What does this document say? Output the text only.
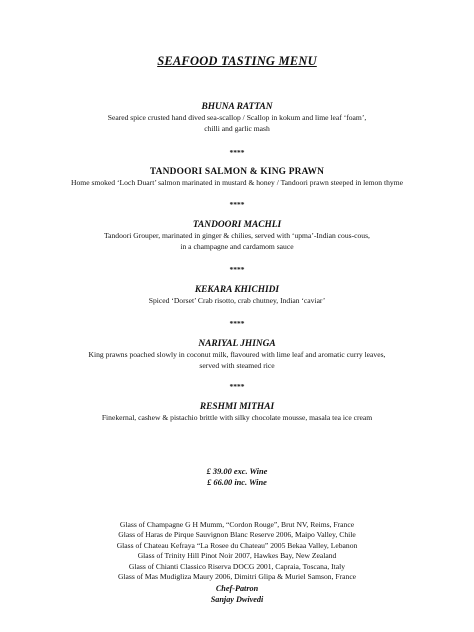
SEAFOOD TASTING MENU
BHUNA RATTAN
Seared spice crusted hand dived sea-scallop / Scallop in kokum and lime leaf ‘foam’,
chilli and garlic mash
****
TANDOORI SALMON & KING PRAWN
Home smoked ‘Loch Duart’ salmon marinated in mustard & honey / Tandoori prawn steeped in lemon thyme
****
TANDOORI MACHLI
Tandoori Grouper, marinated in ginger & chilies, served with ‘upma’-Indian cous-cous,
in a champagne and cardamom sauce
****
KEKARA KHICHIDI
Spiced ‘Dorset’ Crab risotto, crab chutney, Indian ‘caviar’
****
NARIYAL JHINGA
King prawns poached slowly in coconut milk, flavoured with lime leaf and aromatic curry leaves,
served with steamed rice
****
RESHMI MITHAI
Finekernal, cashew & pistachio brittle with silky chocolate mousse, masala tea ice cream
£ 39.00 exc. Wine
£ 66.00 inc. Wine
Glass of Champagne G H Mumm, “Cordon Rouge”, Brut NV, Reims, France
Glass of Haras de Pirque Sauvignon Blanc Reserve 2006, Maipo Valley, Chile
Glass of Chateau Kefraya “La Rosee du Chateau” 2005 Bekaa Valley, Lebanon
Glass of Trinity Hill Pinot Noir 2007, Hawkes Bay, New Zealand
Glass of Chianti Classico Riserva DOCG 2001, Capraia, Toscana, Italy
Glass of Mas Mudigliza Maury 2006, Dimitri Glipa & Muriel Samson, France
Chef-Patron
Sanjay Dwivedi
